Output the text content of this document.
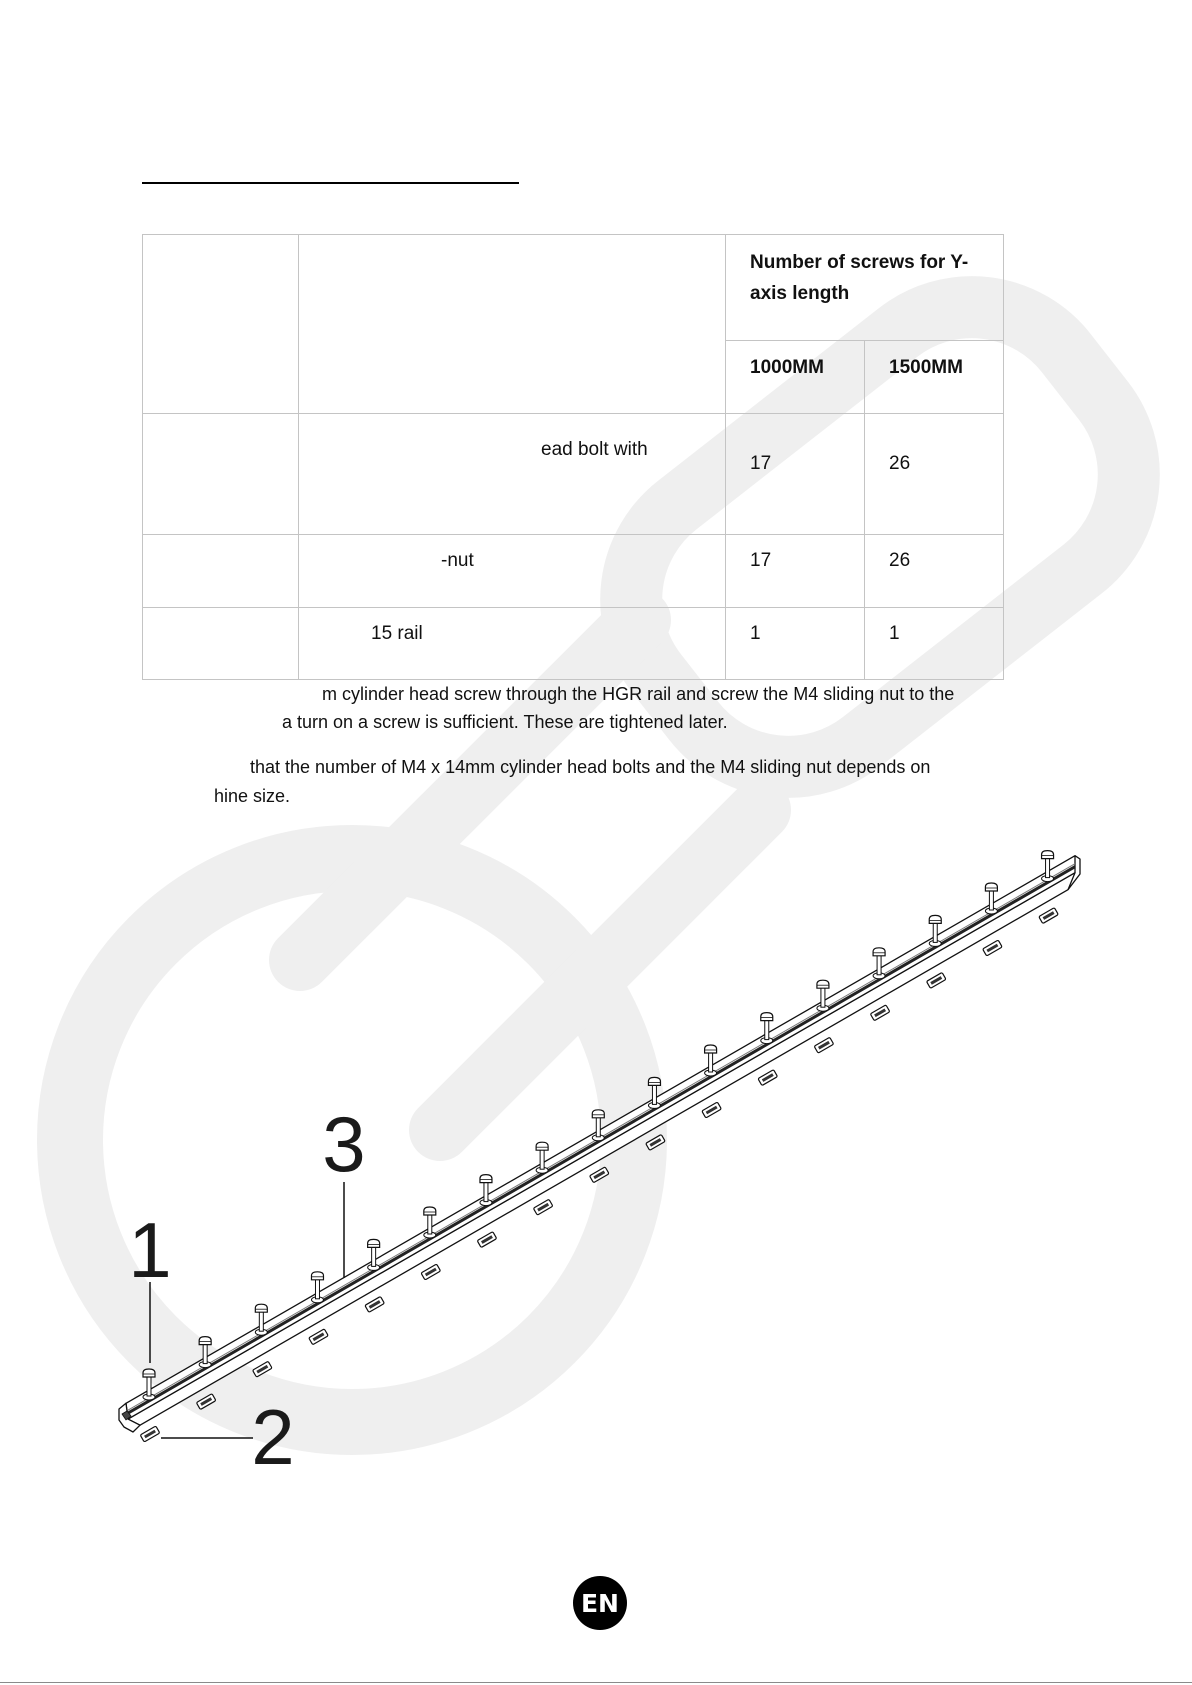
		Number of screws for Y-axis length	

		1000MM	1500MM

	ead bolt with	17	26

	-nut	17	26

	15 rail	1	1
m cylinder head screw through the HGR rail and screw the M4 sliding nut to the
a turn on a screw is sufficient. These are tightened later.
that the number of M4 x 14mm cylinder head bolts and the M4 sliding nut depends on
hine size.
1
3
2
EN
